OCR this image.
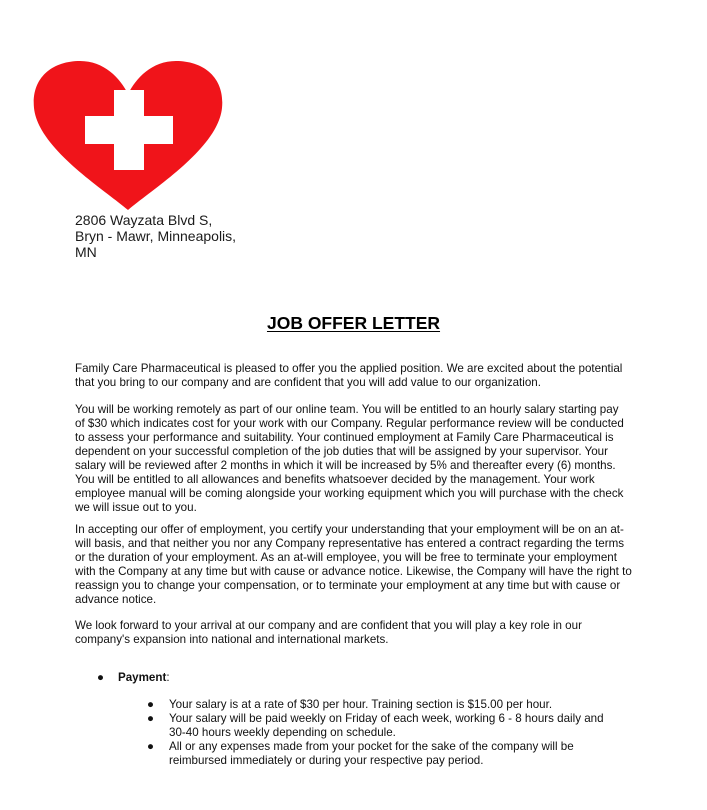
2806 Wayzata Blvd S,
Bryn - Mawr, Minneapolis,
MN
JOB OFFER LETTER
Family Care Pharmaceutical is pleased to offer you the applied position. We are excited about the potential
that you bring to our company and are confident that you will add value to our organization.
You will be working remotely as part of our online team. You will be entitled to an hourly salary starting pay
of $30 which indicates cost for your work with our Company. Regular performance review will be conducted
to assess your performance and suitability. Your continued employment at Family Care Pharmaceutical is
dependent on your successful completion of the job duties that will be assigned by your supervisor. Your
salary will be reviewed after 2 months in which it will be increased by 5% and thereafter every (6) months.
You will be entitled to all allowances and benefits whatsoever decided by the management. Your work
employee manual will be coming alongside your working equipment which you will purchase with the check
we will issue out to you.
In accepting our offer of employment, you certify your understanding that your employment will be on an at-
will basis, and that neither you nor any Company representative has entered a contract regarding the terms
or the duration of your employment. As an at-will employee, you will be free to terminate your employment
with the Company at any time but with cause or advance notice. Likewise, the Company will have the right to
reassign you to change your compensation, or to terminate your employment at any time but with cause or
advance notice.
We look forward to your arrival at our company and are confident that you will play a key role in our
company's expansion into national and international markets.
● Payment:
● Your salary is at a rate of $30 per hour. Training section is $15.00 per hour.
● Your salary will be paid weekly on Friday of each week, working 6 - 8 hours daily and
30-40 hours weekly depending on schedule.
● All or any expenses made from your pocket for the sake of the company will be
reimbursed immediately or during your respective pay period.
